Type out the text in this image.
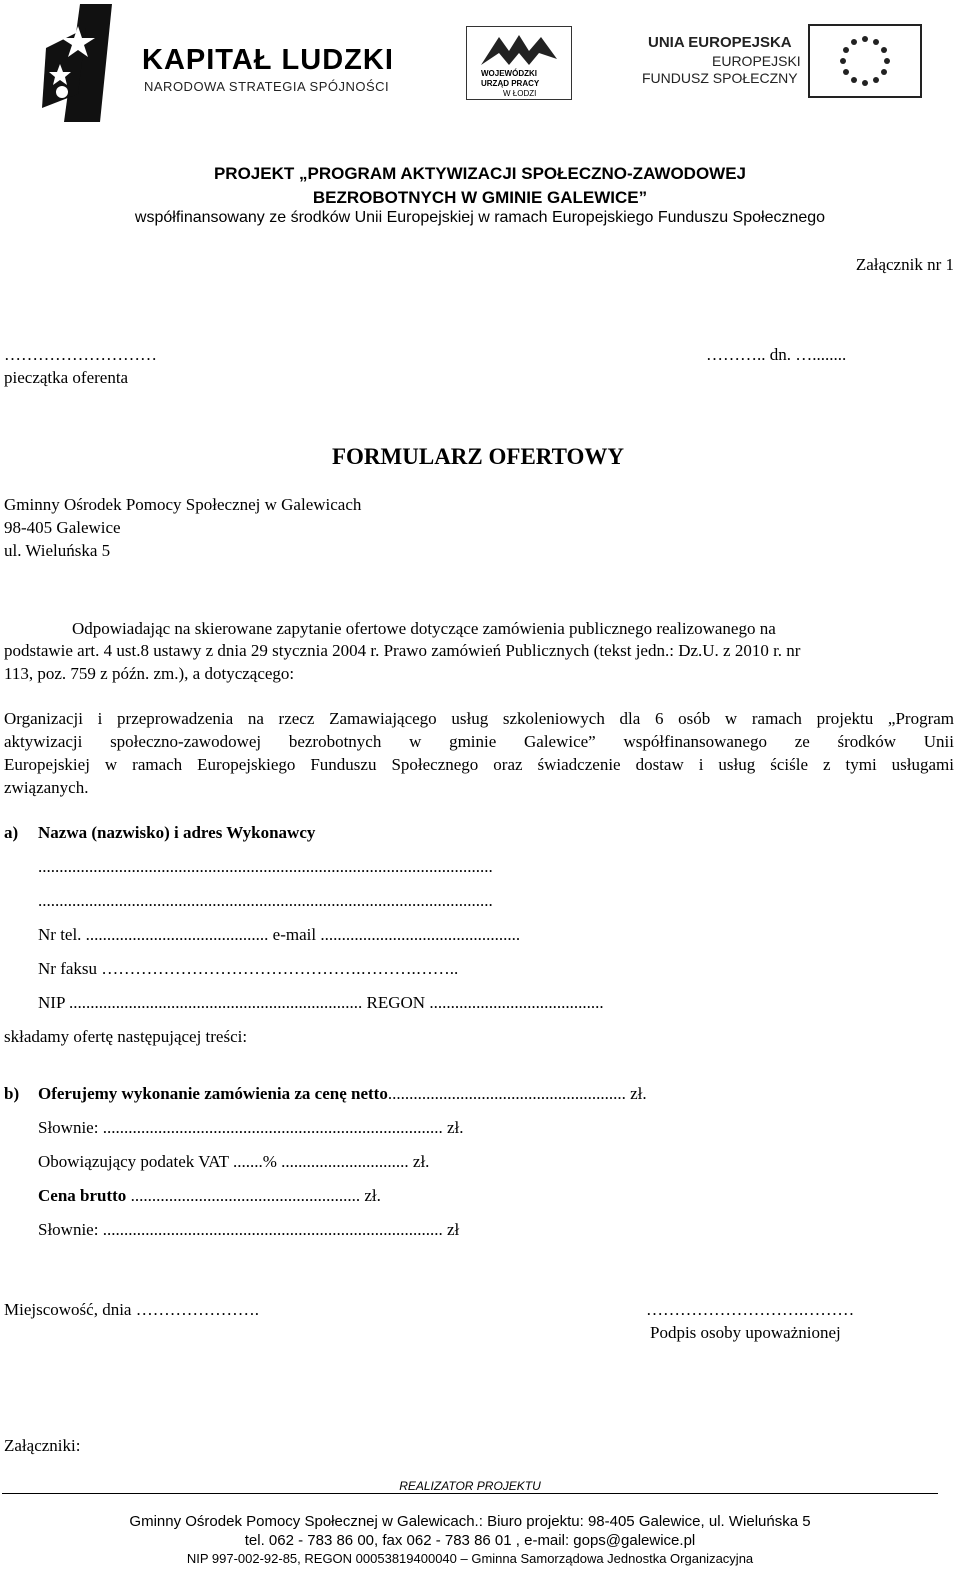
KAPITAŁ LUDZKI
NARODOWA STRATEGIA SPÓJNOŚCI
WOJEWÓDZKI
URZĄD PRACY
W ŁODZI
UNIA EUROPEJSKA
EUROPEJSKI
FUNDUSZ SPOŁECZNY
PROJEKT „PROGRAM AKTYWIZACJI SPOŁECZNO-ZAWODOWEJ
BEZROBOTNYCH W GMINIE GALEWICE”
współfinansowany ze środków Unii Europejskiej w ramach Europejskiego Funduszu Społecznego
Załącznik nr 1
………………………
pieczątka oferenta
……….. dn. …........
FORMULARZ OFERTOWY
Gminny Ośrodek Pomocy Społecznej w Galewicach
98-405 Galewice
ul. Wieluńska 5
Odpowiadając na skierowane zapytanie ofertowe dotyczące zamówienia publicznego realizowanego na
podstawie art. 4 ust.8 ustawy z dnia 29 stycznia 2004 r. Prawo zamówień Publicznych (tekst jedn.: Dz.U. z 2010 r. nr
113, poz. 759 z późn. zm.), a dotyczącego:
Organizacji i przeprowadzenia na rzecz Zamawiającego usług szkoleniowych dla 6 osób w ramach projektu „Program
aktywizacji społeczno-zawodowej bezrobotnych w gminie Galewice” współfinansowanego ze środków Unii
Europejskiej w ramach Europejskiego Funduszu Społecznego oraz świadczenie dostaw i usług ściśle z tymi usługami
związanych.
a) Nazwa (nazwisko) i adres Wykonawcy
...........................................................................................................
...........................................................................................................
Nr tel. ........................................... e-mail ...............................................
Nr faksu ……………………………………….……….……..
NIP ..................................................................... REGON .........................................
składamy ofertę następującej treści:
b) Oferujemy wykonanie zamówienia za cenę netto........................................................ zł.
Słownie: ................................................................................ zł.
Obowiązujący podatek VAT .......% .............................. zł.
Cena brutto ...................................................... zł.
Słownie: ................................................................................ zł
Miejscowość, dnia ………………….	……………………….………
Podpis osoby upoważnionej
Załączniki:
REALIZATOR PROJEKTU
Gminny Ośrodek Pomocy Społecznej w Galewicach.: Biuro projektu: 98-405 Galewice, ul. Wieluńska 5
tel. 062 - 783 86 00, fax 062 - 783 86 01 , e-mail: gops@galewice.pl
NIP 997-002-92-85, REGON 00053819400040 – Gminna Samorządowa Jednostka Organizacyjna
